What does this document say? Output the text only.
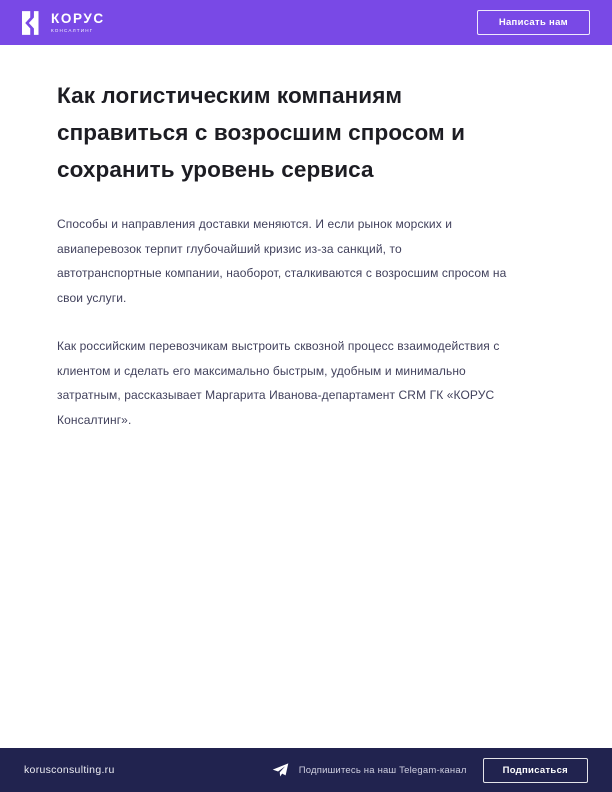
КОРУС
КОНСАЛТИНГ
Написать нам
Как логистическим компаниям справиться с возросшим спросом и сохранить уровень сервиса

Способы и направления доставки меняются. И если рынок морских и авиаперевозок терпит глубочайший кризис из-за санкций, то автотранспортные компании, наоборот, сталкиваются с возросшим спросом на свои услуги.

Как российским перевозчикам выстроить сквозной процесс взаимодействия с клиентом и сделать его максимально быстрым, удобным и минимально затратным, рассказывает Маргарита Иванова-департамент CRM ГК «КОРУС Консалтинг».

korusconsulting.ru	Подпишитесь на наш Telegam-канал	Подписаться
